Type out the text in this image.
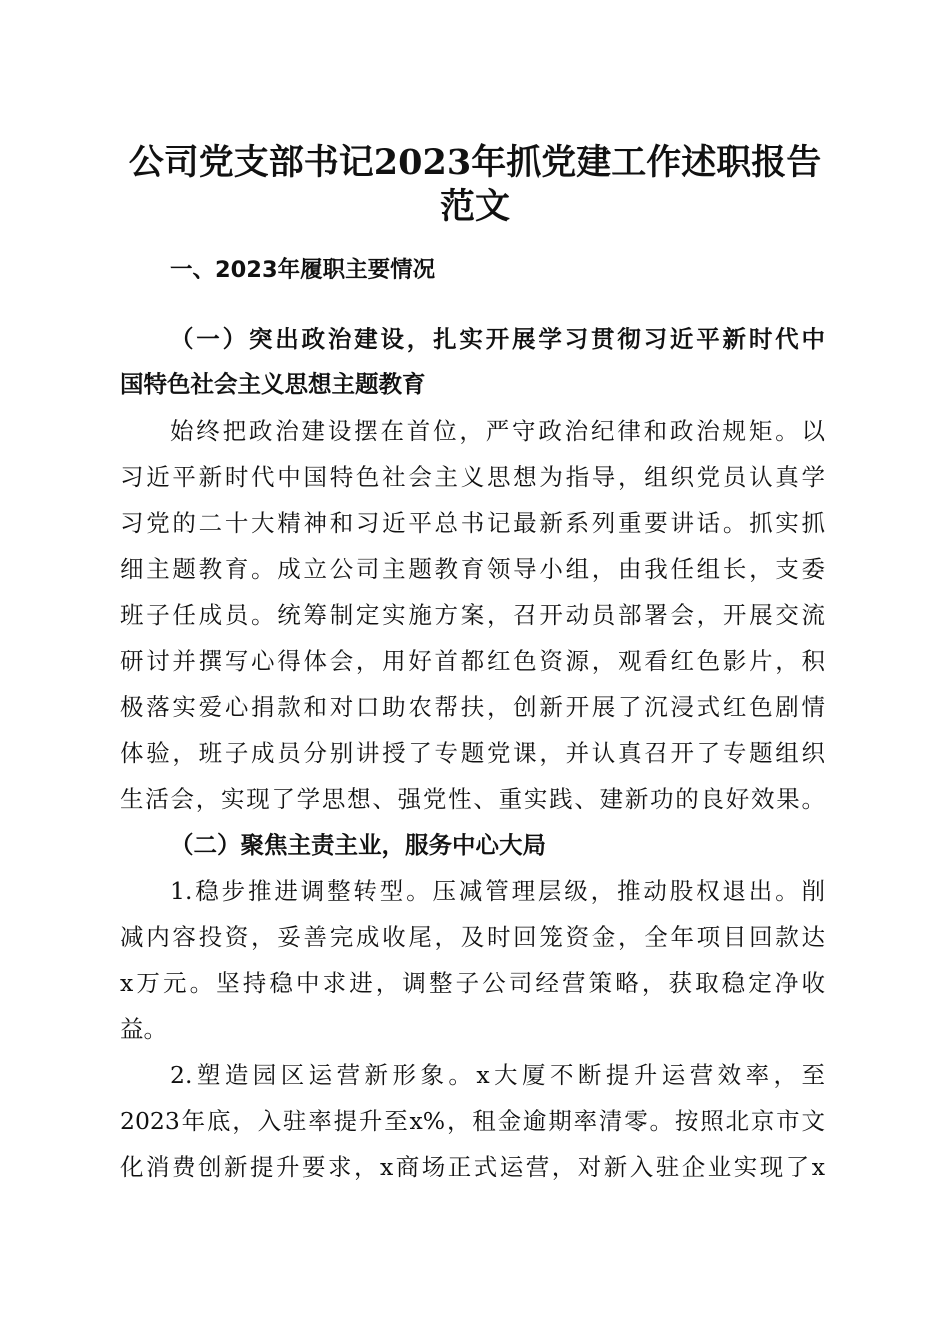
公司党支部书记2023年抓党建工作述职报告
范文

一、2023年履职主要情况

（一）突出政治建设，扎实开展学习贯彻习近平新时代中

国特色社会主义思想主题教育

始终把政治建设摆在首位，严守政治纪律和政治规矩。以

习近平新时代中国特色社会主义思想为指导，组织党员认真学

习党的二十大精神和习近平总书记最新系列重要讲话。抓实抓

细主题教育。成立公司主题教育领导小组，由我任组长，支委

班子任成员。统筹制定实施方案，召开动员部署会，开展交流

研讨并撰写心得体会，用好首都红色资源，观看红色影片，积

极落实爱心捐款和对口助农帮扶，创新开展了沉浸式红色剧情

体验，班子成员分别讲授了专题党课，并认真召开了专题组织

生活会，实现了学思想、强党性、重实践、建新功的良好效果。

（二）聚焦主责主业，服务中心大局

1.稳步推进调整转型。压减管理层级，推动股权退出。削

减内容投资，妥善完成收尾，及时回笼资金，全年项目回款达

x万元。坚持稳中求进，调整子公司经营策略，获取稳定净收

益。

2.塑造园区运营新形象。x大厦不断提升运营效率，至

2023年底，入驻率提升至x%，租金逾期率清零。按照北京市文

化消费创新提升要求，x商场正式运营，对新入驻企业实现了x
